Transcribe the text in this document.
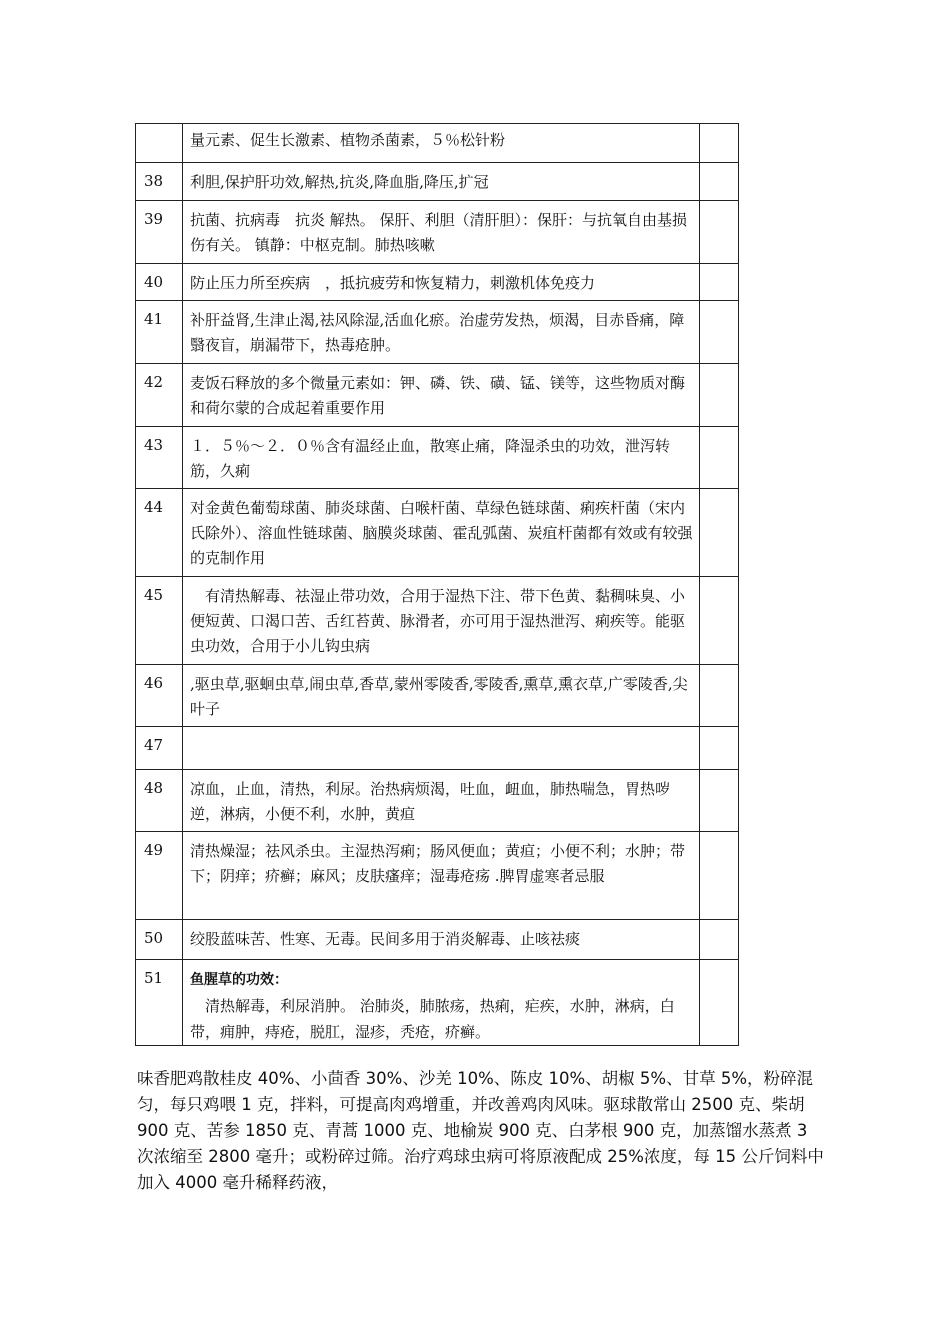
	量元素、促生长激素、植物杀菌素，５％松针粉	
38	利胆,保护肝功效,解热,抗炎,降血脂,降压,扩冠	
39	抗菌、抗病毒　抗炎 解热。 保肝、利胆（清肝胆）：保肝：与抗氧自由基损伤有关。 镇静：中枢克制。肺热咳嗽	
40	防止压力所至疾病　，抵抗疲劳和恢复精力，刺激机体免疫力	
41	补肝益肾,生津止渴,祛风除湿,活血化瘀。治虚劳发热，烦渴，目赤昏痛，障翳夜盲，崩漏带下，热毒疮肿。	
42	麦饭石释放的多个微量元素如：钾、磷、铁、磺、锰、镁等，这些物质对酶和荷尔蒙的合成起着重要作用	
43	１．５％～２．０％含有温经止血，散寒止痛，降湿杀虫的功效，泄泻转筋，久痢	
44	对金黄色葡萄球菌、肺炎球菌、白喉杆菌、草绿色链球菌、痢疾杆菌（宋内氏除外）、溶血性链球菌、脑膜炎球菌、霍乱弧菌、炭疽杆菌都有效或有较强的克制作用	
45	　有清热解毒、祛湿止带功效，合用于湿热下注、带下色黄、黏稠味臭、小便短黄、口渴口苦、舌红苔黄、脉滑者，亦可用于湿热泄泻、痢疾等。能驱虫功效，合用于小儿钩虫病	
46	,驱虫草,驱蛔虫草,闹虫草,香草,蒙州零陵香,零陵香,熏草,熏衣草,广零陵香,尖叶子	
47		
48	凉血，止血，清热，利尿。治热病烦渴，吐血，衄血，肺热喘急，胃热哕逆，淋病，小便不利，水肿，黄疸	
49	清热燥湿；祛风杀虫。主湿热泻痢；肠风便血；黄疸；小便不利；水肿；带下；阴痒；疥癣；麻风；皮肤瘙痒；湿毒疮疡 .脾胃虚寒者忌服	
50	绞股蓝味苦、性寒、无毒。民间多用于消炎解毒、止咳祛痰	
51	鱼腥草的功效：
　清热解毒，利尿消肿。 治肺炎，肺脓疡，热痢，疟疾，水肿，淋病，白带，痈肿，痔疮，脱肛，湿疹，秃疮，疥癣。	

味香肥鸡散桂皮 40%、小茴香 30%、沙羌 10%、陈皮 10%、胡椒 5%、甘草 5%，粉碎混匀，每只鸡喂 1 克，拌料，可提高肉鸡增重，并改善鸡肉风味。驱球散常山 2500 克、柴胡 900 克、苦参 1850 克、青蒿 1000 克、地榆炭 900 克、白茅根 900 克，加蒸馏水蒸煮 3 次浓缩至 2800 毫升；或粉碎过筛。治疗鸡球虫病可将原液配成 25%浓度，每 15 公斤饲料中加入 4000 毫升稀释药液，
